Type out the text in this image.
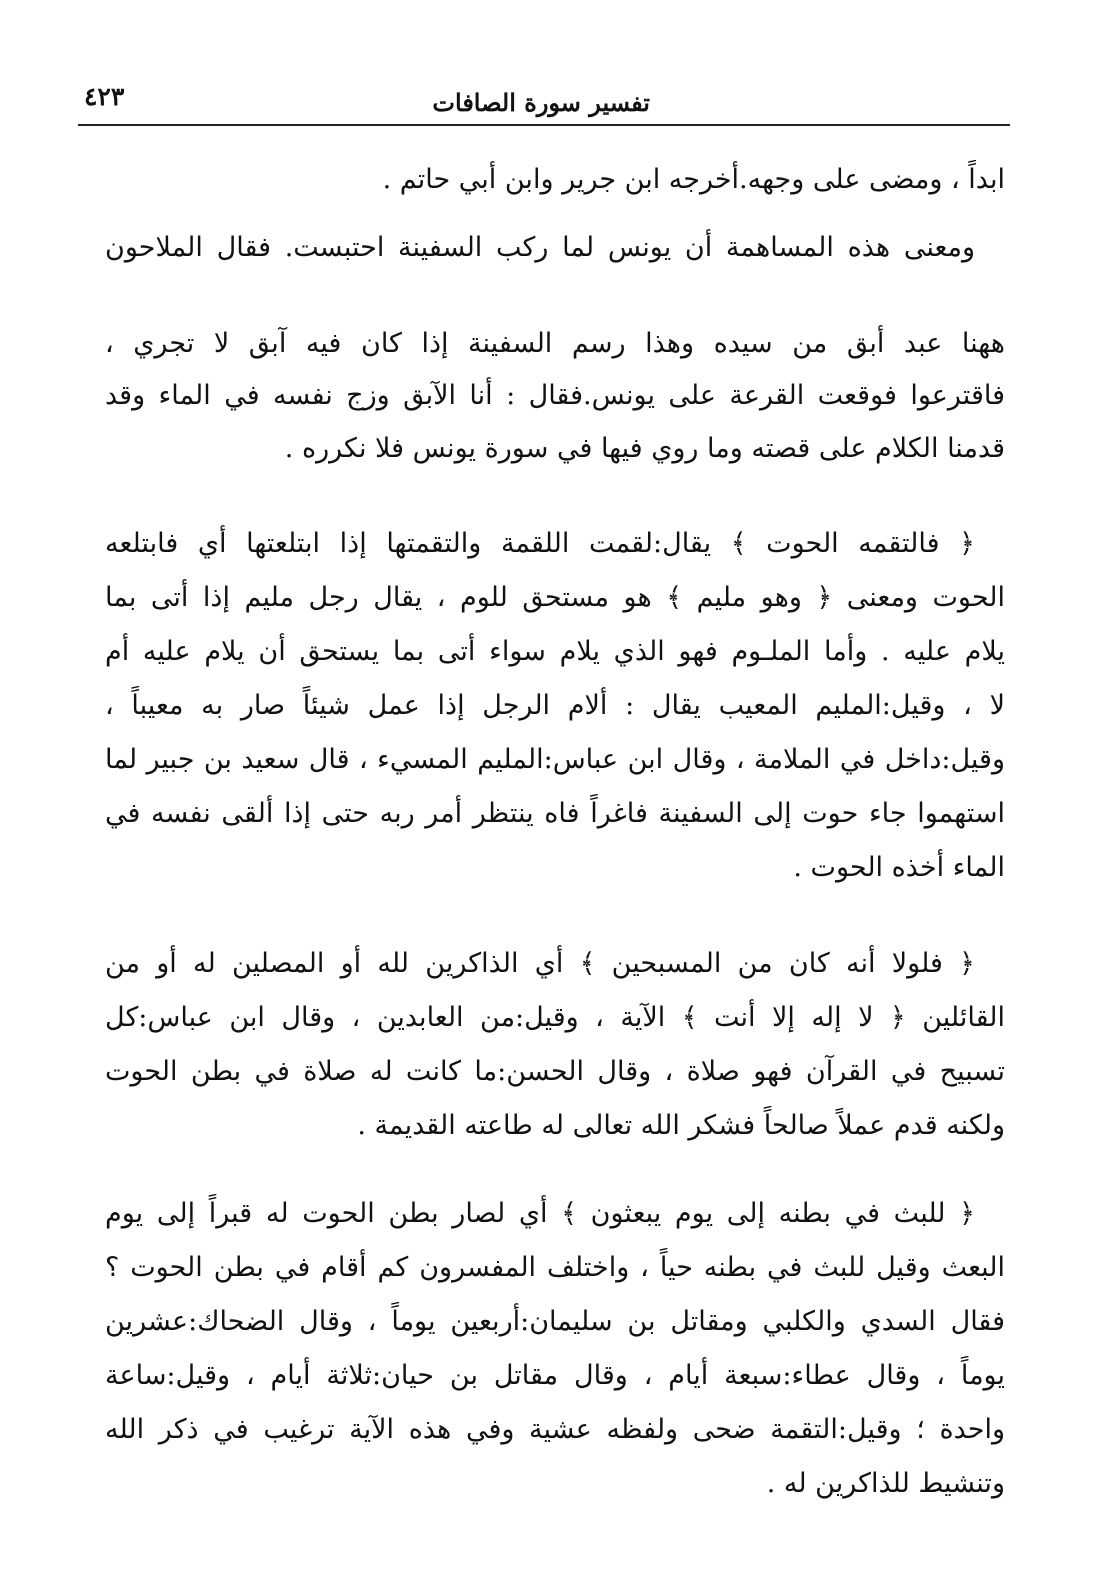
تفسير سورة الصافات
٤٢٣
ابداً ، ومضى على وجهه.أخرجه ابن جرير وابن أبي حاتم .
ومعنى هذه المساهمة أن يونس لما ركب السفينة احتبست. فقال الملاحون
ههنا عبد أبق من سيده وهذا رسم السفينة إذا كان فيه آبق لا تجري ،
فاقترعوا فوقعت القرعة على يونس.فقال : أنا الآبق وزج نفسه في الماء وقد
قدمنا الكلام على قصته وما روي فيها في سورة يونس فلا نكرره .
﴿ فالتقمه الحوت ﴾ يقال:لقمت اللقمة والتقمتها إذا ابتلعتها أي فابتلعه
الحوت ومعنى ﴿ وهو مليم ﴾ هو مستحق للوم ، يقال رجل مليم إذا أتى بما
يلام عليه . وأما الملـوم فهو الذي يلام سواء أتى بما يستحق أن يلام عليه أم
لا ، وقيل:المليم المعيب يقال : ألام الرجل إذا عمل شيئاً صار به معيباً ،
وقيل:داخل في الملامة ، وقال ابن عباس:المليم المسيء ، قال سعيد بن جبير لما
استهموا جاء حوت إلى السفينة فاغراً فاه ينتظر أمر ربه حتى إذا ألقى نفسه في
الماء أخذه الحوت .
﴿ فلولا أنه كان من المسبحين ﴾ أي الذاكرين لله أو المصلين له أو من
القائلين ﴿ لا إله إلا أنت ﴾ الآية ، وقيل:من العابدين ، وقال ابن عباس:كل
تسبيح في القرآن فهو صلاة ، وقال الحسن:ما كانت له صلاة في بطن الحوت
ولكنه قدم عملاً صالحاً فشكر الله تعالى له طاعته القديمة .
﴿ للبث في بطنه إلى يوم يبعثون ﴾ أي لصار بطن الحوت له قبراً إلى يوم
البعث وقيل للبث في بطنه حياً ، واختلف المفسرون كم أقام في بطن الحوت ؟
فقال السدي والكلبي ومقاتل بن سليمان:أربعين يوماً ، وقال الضحاك:عشرين
يوماً ، وقال عطاء:سبعة أيام ، وقال مقاتل بن حيان:ثلاثة أيام ، وقيل:ساعة
واحدة ؛ وقيل:التقمة ضحى ولفظه عشية وفي هذه الآية ترغيب في ذكر الله
وتنشيط للذاكرين له .
